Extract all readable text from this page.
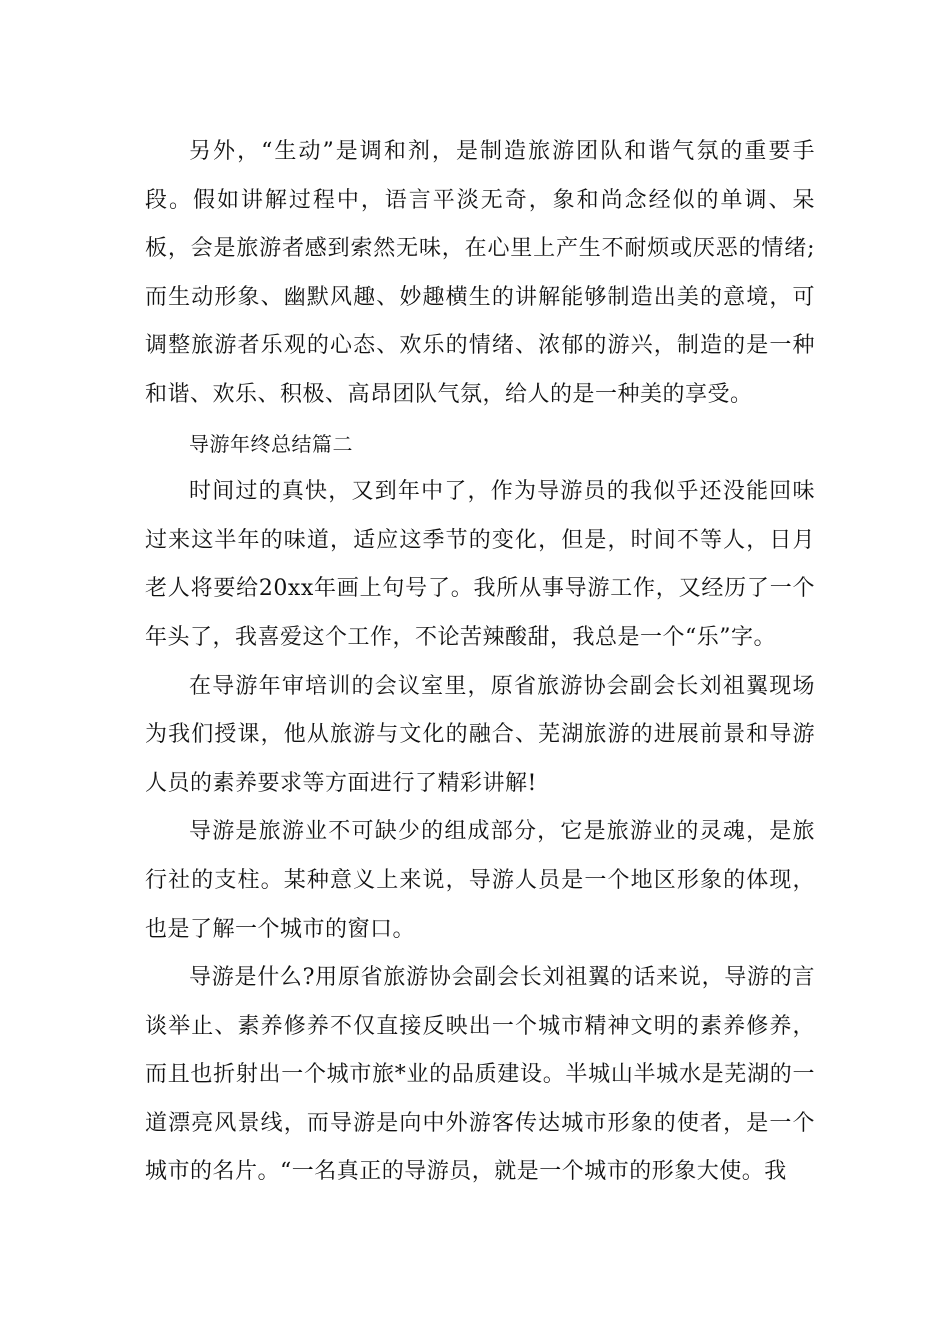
另外，“生动”是调和剂，是制造旅游团队和谐气氛的重要手段。假如讲解过程中，语言平淡无奇，象和尚念经似的单调、呆板，会是旅游者感到索然无味，在心里上产生不耐烦或厌恶的情绪;而生动形象、幽默风趣、妙趣横生的讲解能够制造出美的意境，可调整旅游者乐观的心态、欢乐的情绪、浓郁的游兴，制造的是一种和谐、欢乐、积极、高昂团队气氛，给人的是一种美的享受。

导游年终总结篇二

时间过的真快，又到年中了，作为导游员的我似乎还没能回味过来这半年的味道，适应这季节的变化，但是，时间不等人，日月老人将要给20xx年画上句号了。我所从事导游工作，又经历了一个年头了，我喜爱这个工作，不论苦辣酸甜，我总是一个“乐”字。

在导游年审培训的会议室里，原省旅游协会副会长刘祖翼现场为我们授课，他从旅游与文化的融合、芜湖旅游的进展前景和导游人员的素养要求等方面进行了精彩讲解!

导游是旅游业不可缺少的组成部分，它是旅游业的灵魂，是旅行社的支柱。某种意义上来说，导游人员是一个地区形象的体现，也是了解一个城市的窗口。

导游是什么?用原省旅游协会副会长刘祖翼的话来说，导游的言谈举止、素养修养不仅直接反映出一个城市精神文明的素养修养，而且也折射出一个城市旅*业的品质建设。半城山半城水是芜湖的一道漂亮风景线，而导游是向中外游客传达城市形象的使者，是一个城市的名片。“一名真正的导游员，就是一个城市的形象大使。我
